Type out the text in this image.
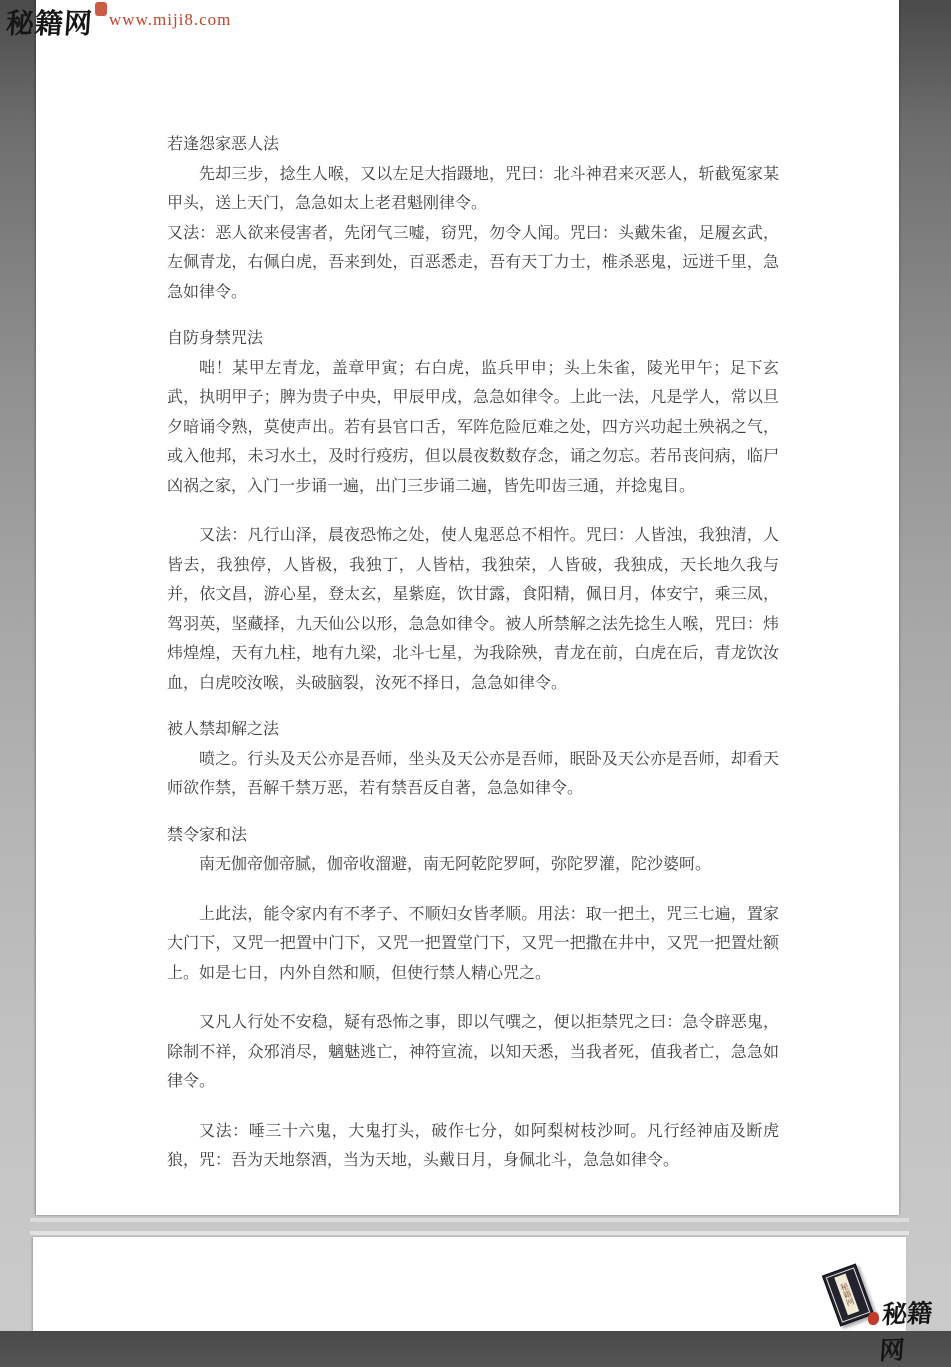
秘籍网 www.miji8.com
若逢怨家恶人法

先却三步，捻生人喉，又以左足大指蹑地，咒曰：北斗神君来灭恶人，斩截冤家某甲头，送上天门，急急如太上老君魁刚律令。

又法：恶人欲来侵害者，先闭气三嘘，窃咒，勿令人闻。咒曰：头戴朱雀，足履玄武，左佩青龙，右佩白虎，吾来到处，百恶悉走，吾有天丁力士，椎杀恶鬼，远迸千里，急急如律令。

自防身禁咒法

咄！某甲左青龙，盖章甲寅；右白虎，监兵甲申；头上朱雀，陵光甲午；足下玄武，执明甲子；脾为贵子中央，甲辰甲戌，急急如律令。上此一法，凡是学人，常以旦夕暗诵令熟，莫使声出。若有县官口舌，军阵危险厄难之处，四方兴功起土殃祸之气，或入他邦，未习水土，及时行疫疠，但以晨夜数数存念，诵之勿忘。若吊丧问病，临尸凶祸之家，入门一步诵一遍，出门三步诵二遍，皆先叩齿三通，并捻鬼目。

又法：凡行山泽，晨夜恐怖之处，使人鬼恶总不相忤。咒曰：人皆浊，我独清，人皆去，我独停，人皆极，我独丁，人皆枯，我独荣，人皆破，我独成，天长地久我与并，依文昌，游心星，登太玄，星紫庭，饮甘露，食阳精，佩日月，体安宁，乘三凤，驾羽英，坚藏择，九天仙公以形，急急如律令。被人所禁解之法先捻生人喉，咒曰：炜炜煌煌，天有九柱，地有九梁，北斗七星，为我除殃，青龙在前，白虎在后，青龙饮汝血，白虎咬汝喉，头破脑裂，汝死不择日，急急如律令。

被人禁却解之法

喷之。行头及天公亦是吾师，坐头及天公亦是吾师，眠卧及天公亦是吾师，却看天师欲作禁，吾解千禁万恶，若有禁吾反自著，急急如律令。

禁令家和法

南无伽帝伽帝腻，伽帝收溜避，南无阿乾陀罗呵，弥陀罗灌，陀沙婆呵。

上此法，能令家内有不孝子、不顺妇女皆孝顺。用法：取一把土，咒三七遍，置家大门下，又咒一把置中门下，又咒一把置堂门下，又咒一把撒在井中，又咒一把置灶额上。如是七日，内外自然和顺，但使行禁人精心咒之。

又凡人行处不安稳，疑有恐怖之事，即以气噀之，便以拒禁咒之曰：急令辟恶鬼，除制不祥，众邪消尽，魑魅逃亡，神符宣流，以知天悉，当我者死，值我者亡，急急如律令。

又法：唾三十六鬼，大鬼打头，破作七分，如阿梨树枝沙呵。凡行经神庙及断虎狼，咒：吾为天地祭酒，当为天地，头戴日月，身佩北斗，急急如律令。

秘籍网
秘籍网
